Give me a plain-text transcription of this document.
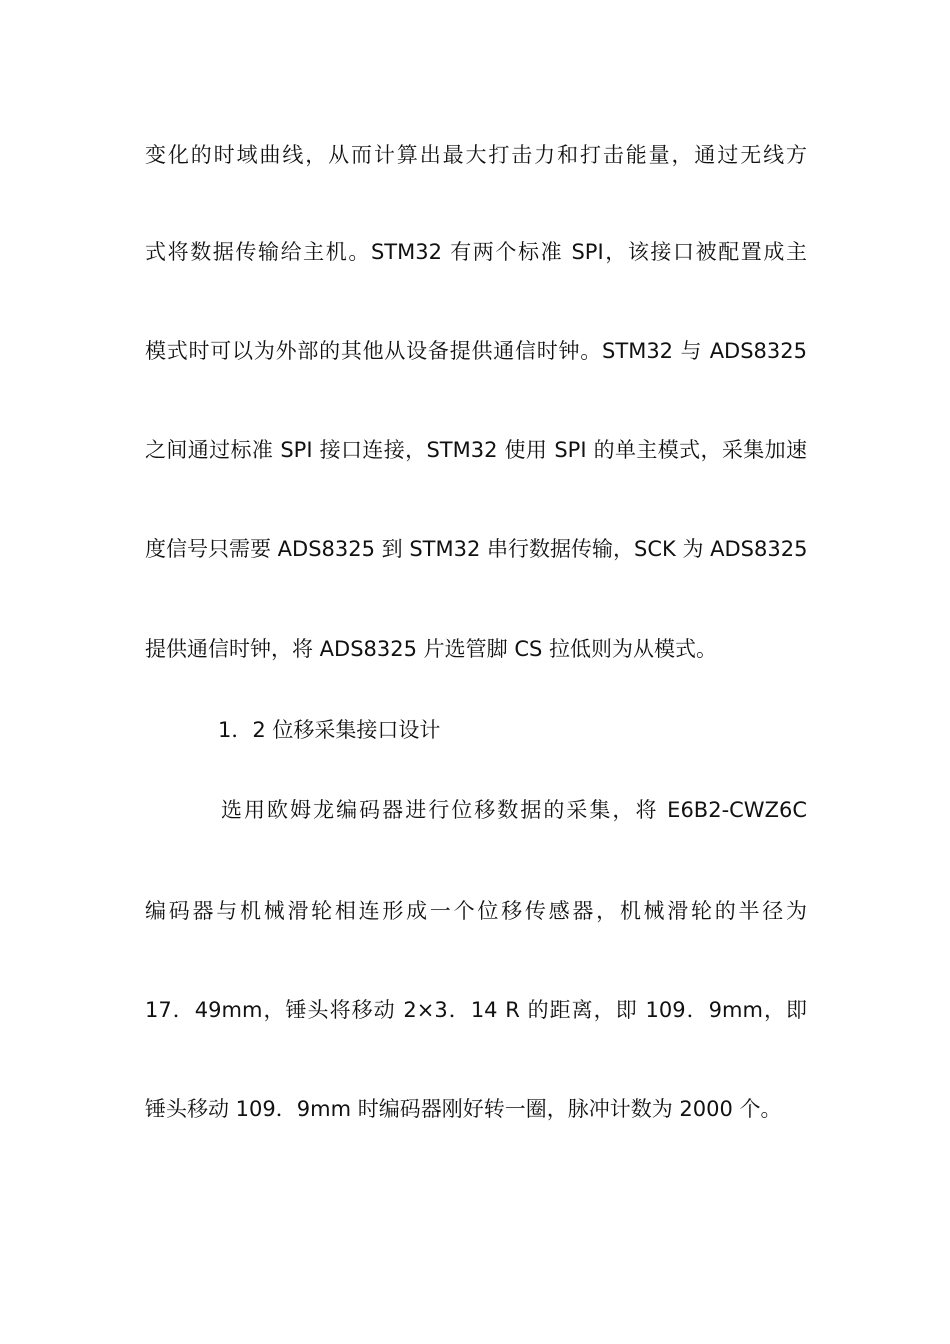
变化的时域曲线，从而计算出最大打击力和打击能量，通过无线方
式将数据传输给主机。STM32 有两个标准 SPI，该接口被配置成主
模式时可以为外部的其他从设备提供通信时钟。STM32 与 ADS8325
之间通过标准 SPI 接口连接，STM32 使用 SPI 的单主模式，采集加速
度信号只需要 ADS8325 到 STM32 串行数据传输，SCK 为 ADS8325
提供通信时钟，将 ADS8325 片选管脚 CS 拉低则为从模式。
1．2 位移采集接口设计
选用欧姆龙编码器进行位移数据的采集，将 E6B2-CWZ6C
编码器与机械滑轮相连形成一个位移传感器，机械滑轮的半径为
17．49mm，锤头将移动 2×3．14 R 的距离，即 109．9mm，即
锤头移动 109．9mm 时编码器刚好转一圈，脉冲计数为 2000 个。
